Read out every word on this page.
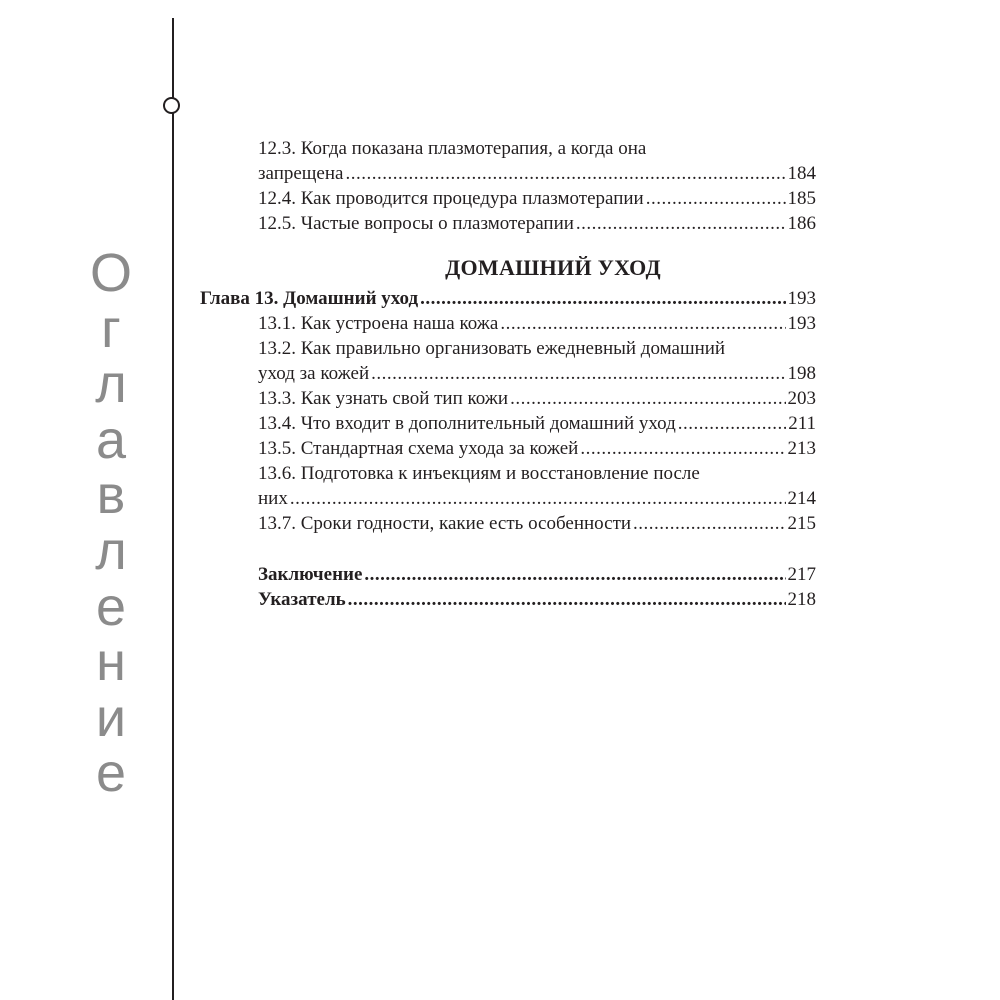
О
г
л
а
в
л
е
н
и
е
12.3. Когда показана плазмотерапия, а когда она
запрещена .....	184
12.4. Как проводится процедура плазмотерапии .....	185
12.5. Частые вопросы о плазмотерапии .....	186
ДОМАШНИЙ УХОД
Глава 13. Домашний уход .....	193
13.1. Как устроена наша кожа .....	193
13.2. Как правильно организовать ежедневный домашний
уход за кожей .....	198
13.3. Как узнать свой тип кожи .....	203
13.4. Что входит в дополнительный домашний уход .....	211
13.5. Стандартная схема ухода за кожей .....	213
13.6. Подготовка к инъекциям и восстановление после
них .....	214
13.7. Сроки годности, какие есть особенности .....	215
Заключение .....	217
Указатель .....	218
